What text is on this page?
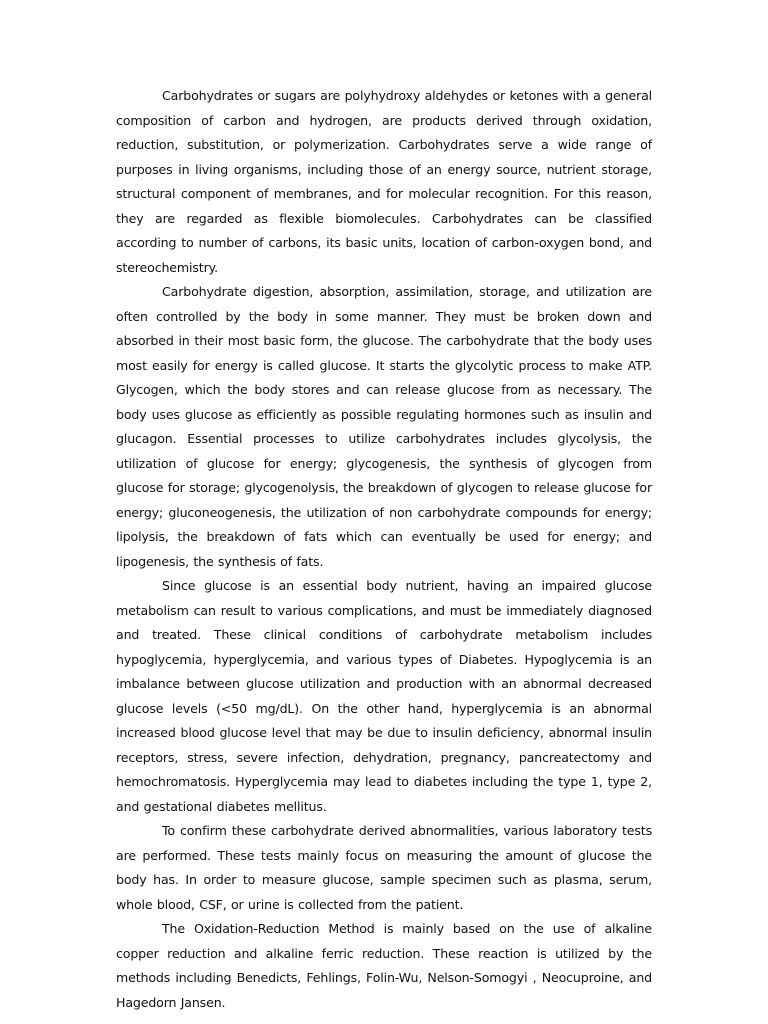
Carbohydrates or sugars are polyhydroxy aldehydes or ketones with a general composition of carbon and hydrogen, are products derived through oxidation, reduction, substitution, or polymerization. Carbohydrates serve a wide range of purposes in living organisms, including those of an energy source, nutrient storage, structural component of membranes, and for molecular recognition. For this reason, they are regarded as flexible biomolecules. Carbohydrates can be classified according to number of carbons, its basic units, location of carbon-oxygen bond, and stereochemistry.

Carbohydrate digestion, absorption, assimilation, storage, and utilization are often controlled by the body in some manner. They must be broken down and absorbed in their most basic form, the glucose. The carbohydrate that the body uses most easily for energy is called glucose. It starts the glycolytic process to make ATP. Glycogen, which the body stores and can release glucose from as necessary. The body uses glucose as efficiently as possible regulating hormones such as insulin and glucagon. Essential processes to utilize carbohydrates includes glycolysis, the utilization of glucose for energy; glycogenesis, the synthesis of glycogen from glucose for storage; glycogenolysis, the breakdown of glycogen to release glucose for energy; gluconeogenesis, the utilization of non carbohydrate compounds for energy; lipolysis, the breakdown of fats which can eventually be used for energy; and lipogenesis, the synthesis of fats.

Since glucose is an essential body nutrient, having an impaired glucose metabolism can result to various complications, and must be immediately diagnosed and treated. These clinical conditions of carbohydrate metabolism includes hypoglycemia, hyperglycemia, and various types of Diabetes. Hypoglycemia is an imbalance between glucose utilization and production with an abnormal decreased glucose levels (<50 mg/dL). On the other hand, hyperglycemia is an abnormal increased blood glucose level that may be due to insulin deficiency, abnormal insulin receptors, stress, severe infection, dehydration, pregnancy, pancreatectomy and hemochromatosis. Hyperglycemia may lead to diabetes including the type 1, type 2, and gestational diabetes mellitus.

To confirm these carbohydrate derived abnormalities, various laboratory tests are performed. These tests mainly focus on measuring the amount of glucose the body has. In order to measure glucose, sample specimen such as plasma, serum, whole blood, CSF, or urine is collected from the patient.

The Oxidation-Reduction Method is mainly based on the use of alkaline copper reduction and alkaline ferric reduction. These reaction is utilized by the methods including Benedicts, Fehlings, Folin-Wu, Nelson-Somogyi , Neocuproine, and Hagedorn Jansen.
